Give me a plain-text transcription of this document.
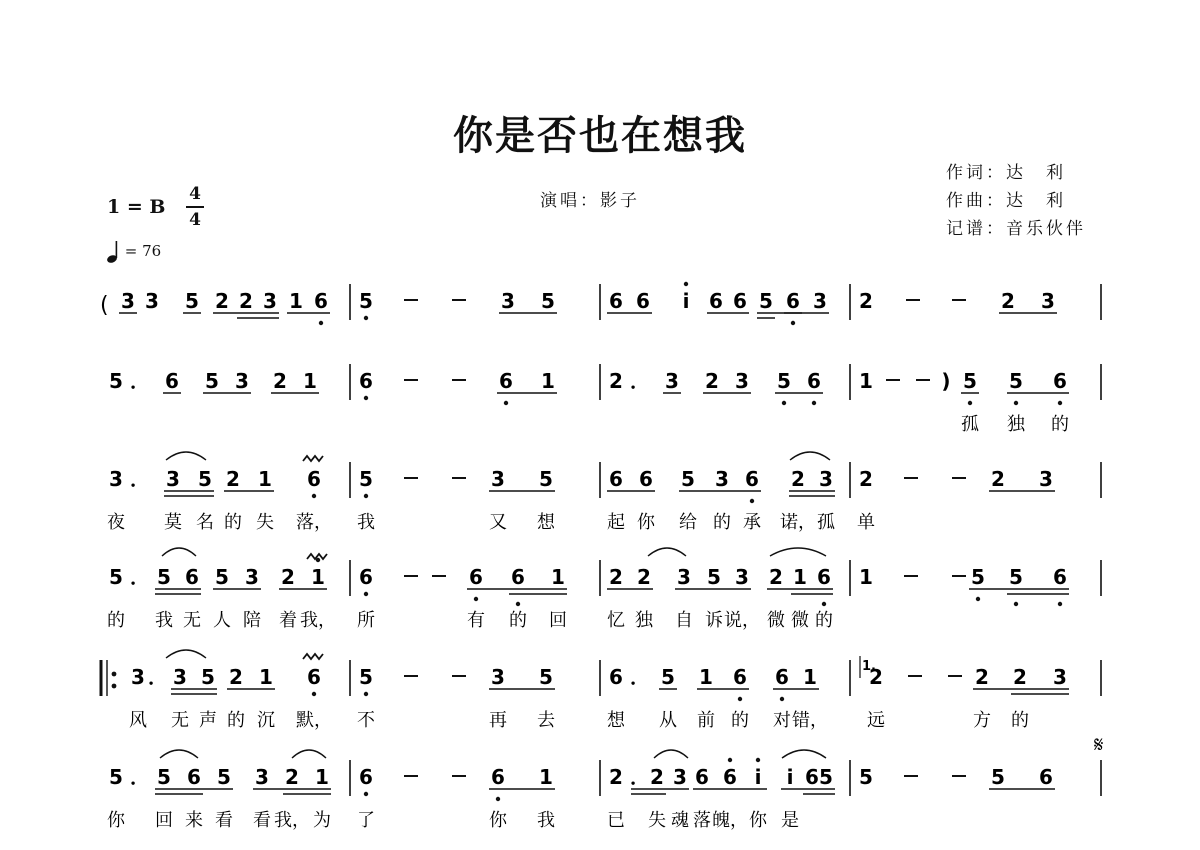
你是否也在想我
作词：达　利
作曲：达　利
记谱：音乐伙伴
演唱：影子
1 = B
4
4
= 76
( 3 3 5 2 2 3 1 6 5	3 5	6 6 i 6 6 5 6 3 2	2 3
5 ． 6 5 3 2 1 6	6 1	2 ． 3 2 3 5 6 1	) 5 5 6
孤 独 的
3 ． 3 5 2 1 6 5	3 5	6 6 5 3 6 2 3 2	2 3
夜 莫 名 的 失 落， 我	又 想	起 你 给 的 承 诺， 孤 单
5 ． 5 6 5 3 2 1 6	6 6 1 2 2 3 5 3 2 1 6 1	5 5 6
的 我 无 人 陪 着 我， 所	有 的 回 忆 独 自 诉 说， 微 微 的
1.
3 ． 3 5 2 1 6 5	3 5	6 ． 5 1 6 6 1	2	2 2 3
风 无 声 的 沉 默， 不	再 去	想 从 前 的 对 错， 远	方 的
𝄋
5 ． 5 6 5 3 2 1 6	6 1	2 ． 2 3 6 6 i i 6 5 5	5 6
你 回 来 看 看 我， 为 了	你 我	已 失 魂 落 魄， 你 是
